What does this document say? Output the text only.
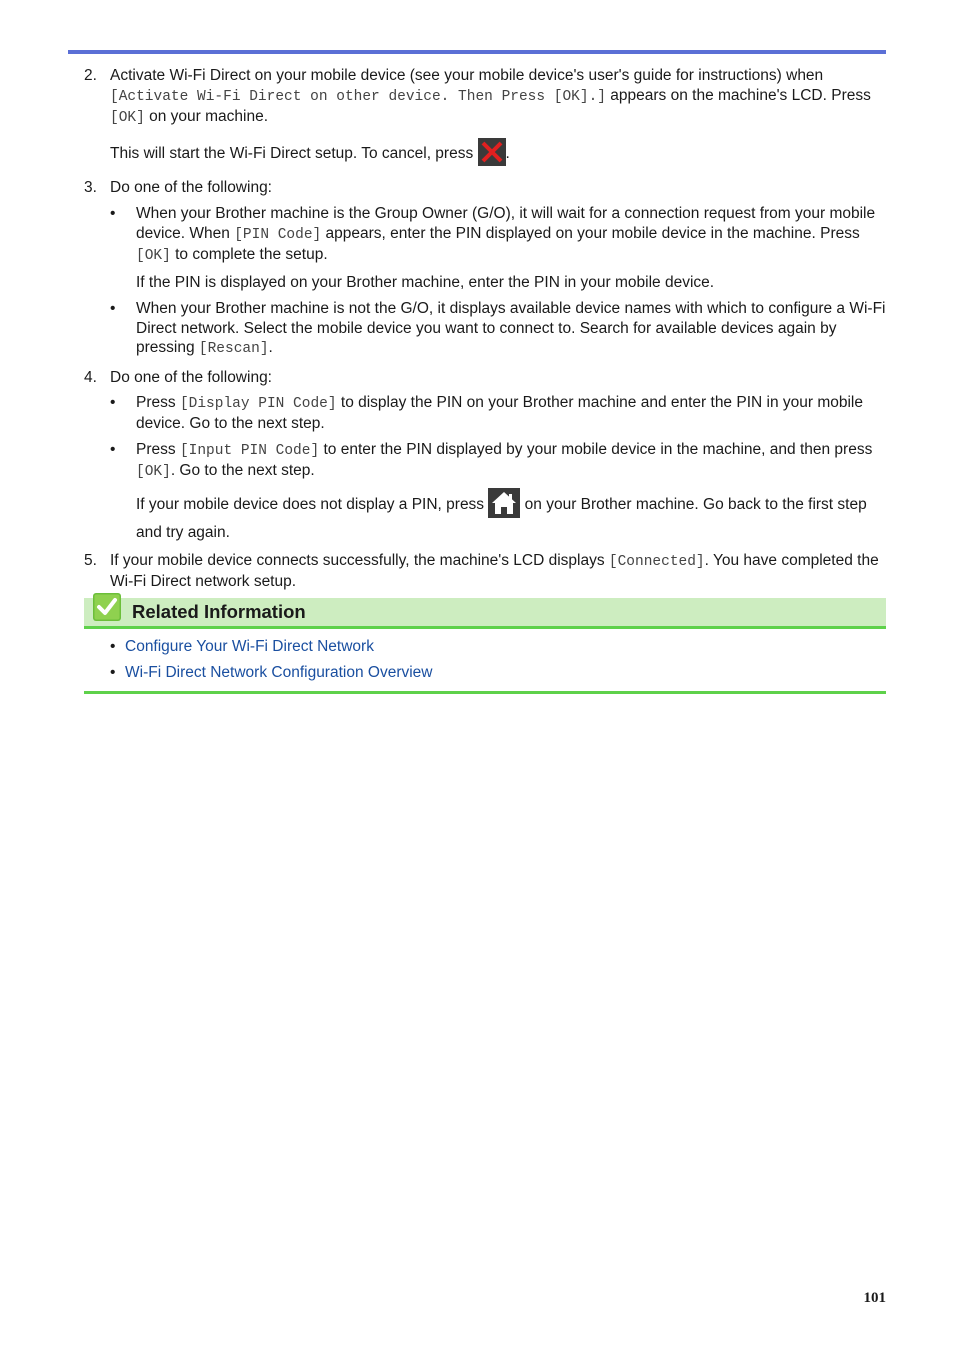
2. Activate Wi-Fi Direct on your mobile device (see your mobile device's user's guide for instructions) when
[Activate Wi-Fi Direct on other device. Then Press [OK].] appears on the machine's LCD. Press [OK] on your machine.

This will start the Wi-Fi Direct setup. To cancel, press .

3. Do one of the following:

• When your Brother machine is the Group Owner (G/O), it will wait for a connection request from your mobile device. When [PIN Code] appears, enter the PIN displayed on your mobile device in the machine. Press [OK] to complete the setup.

If the PIN is displayed on your Brother machine, enter the PIN in your mobile device.

• When your Brother machine is not the G/O, it displays available device names with which to configure a Wi-Fi Direct network. Select the mobile device you want to connect to. Search for available devices again by pressing [Rescan].

4. Do one of the following:

• Press [Display PIN Code] to display the PIN on your Brother machine and enter the PIN in your mobile device. Go to the next step.

• Press [Input PIN Code] to enter the PIN displayed by your mobile device in the machine, and then press [OK]. Go to the next step.

If your mobile device does not display a PIN, press  on your Brother machine. Go back to the first step and try again.

5. If your mobile device connects successfully, the machine's LCD displays [Connected]. You have completed the Wi-Fi Direct network setup.

Related Information
• Configure Your Wi-Fi Direct Network
• Wi-Fi Direct Network Configuration Overview
101
